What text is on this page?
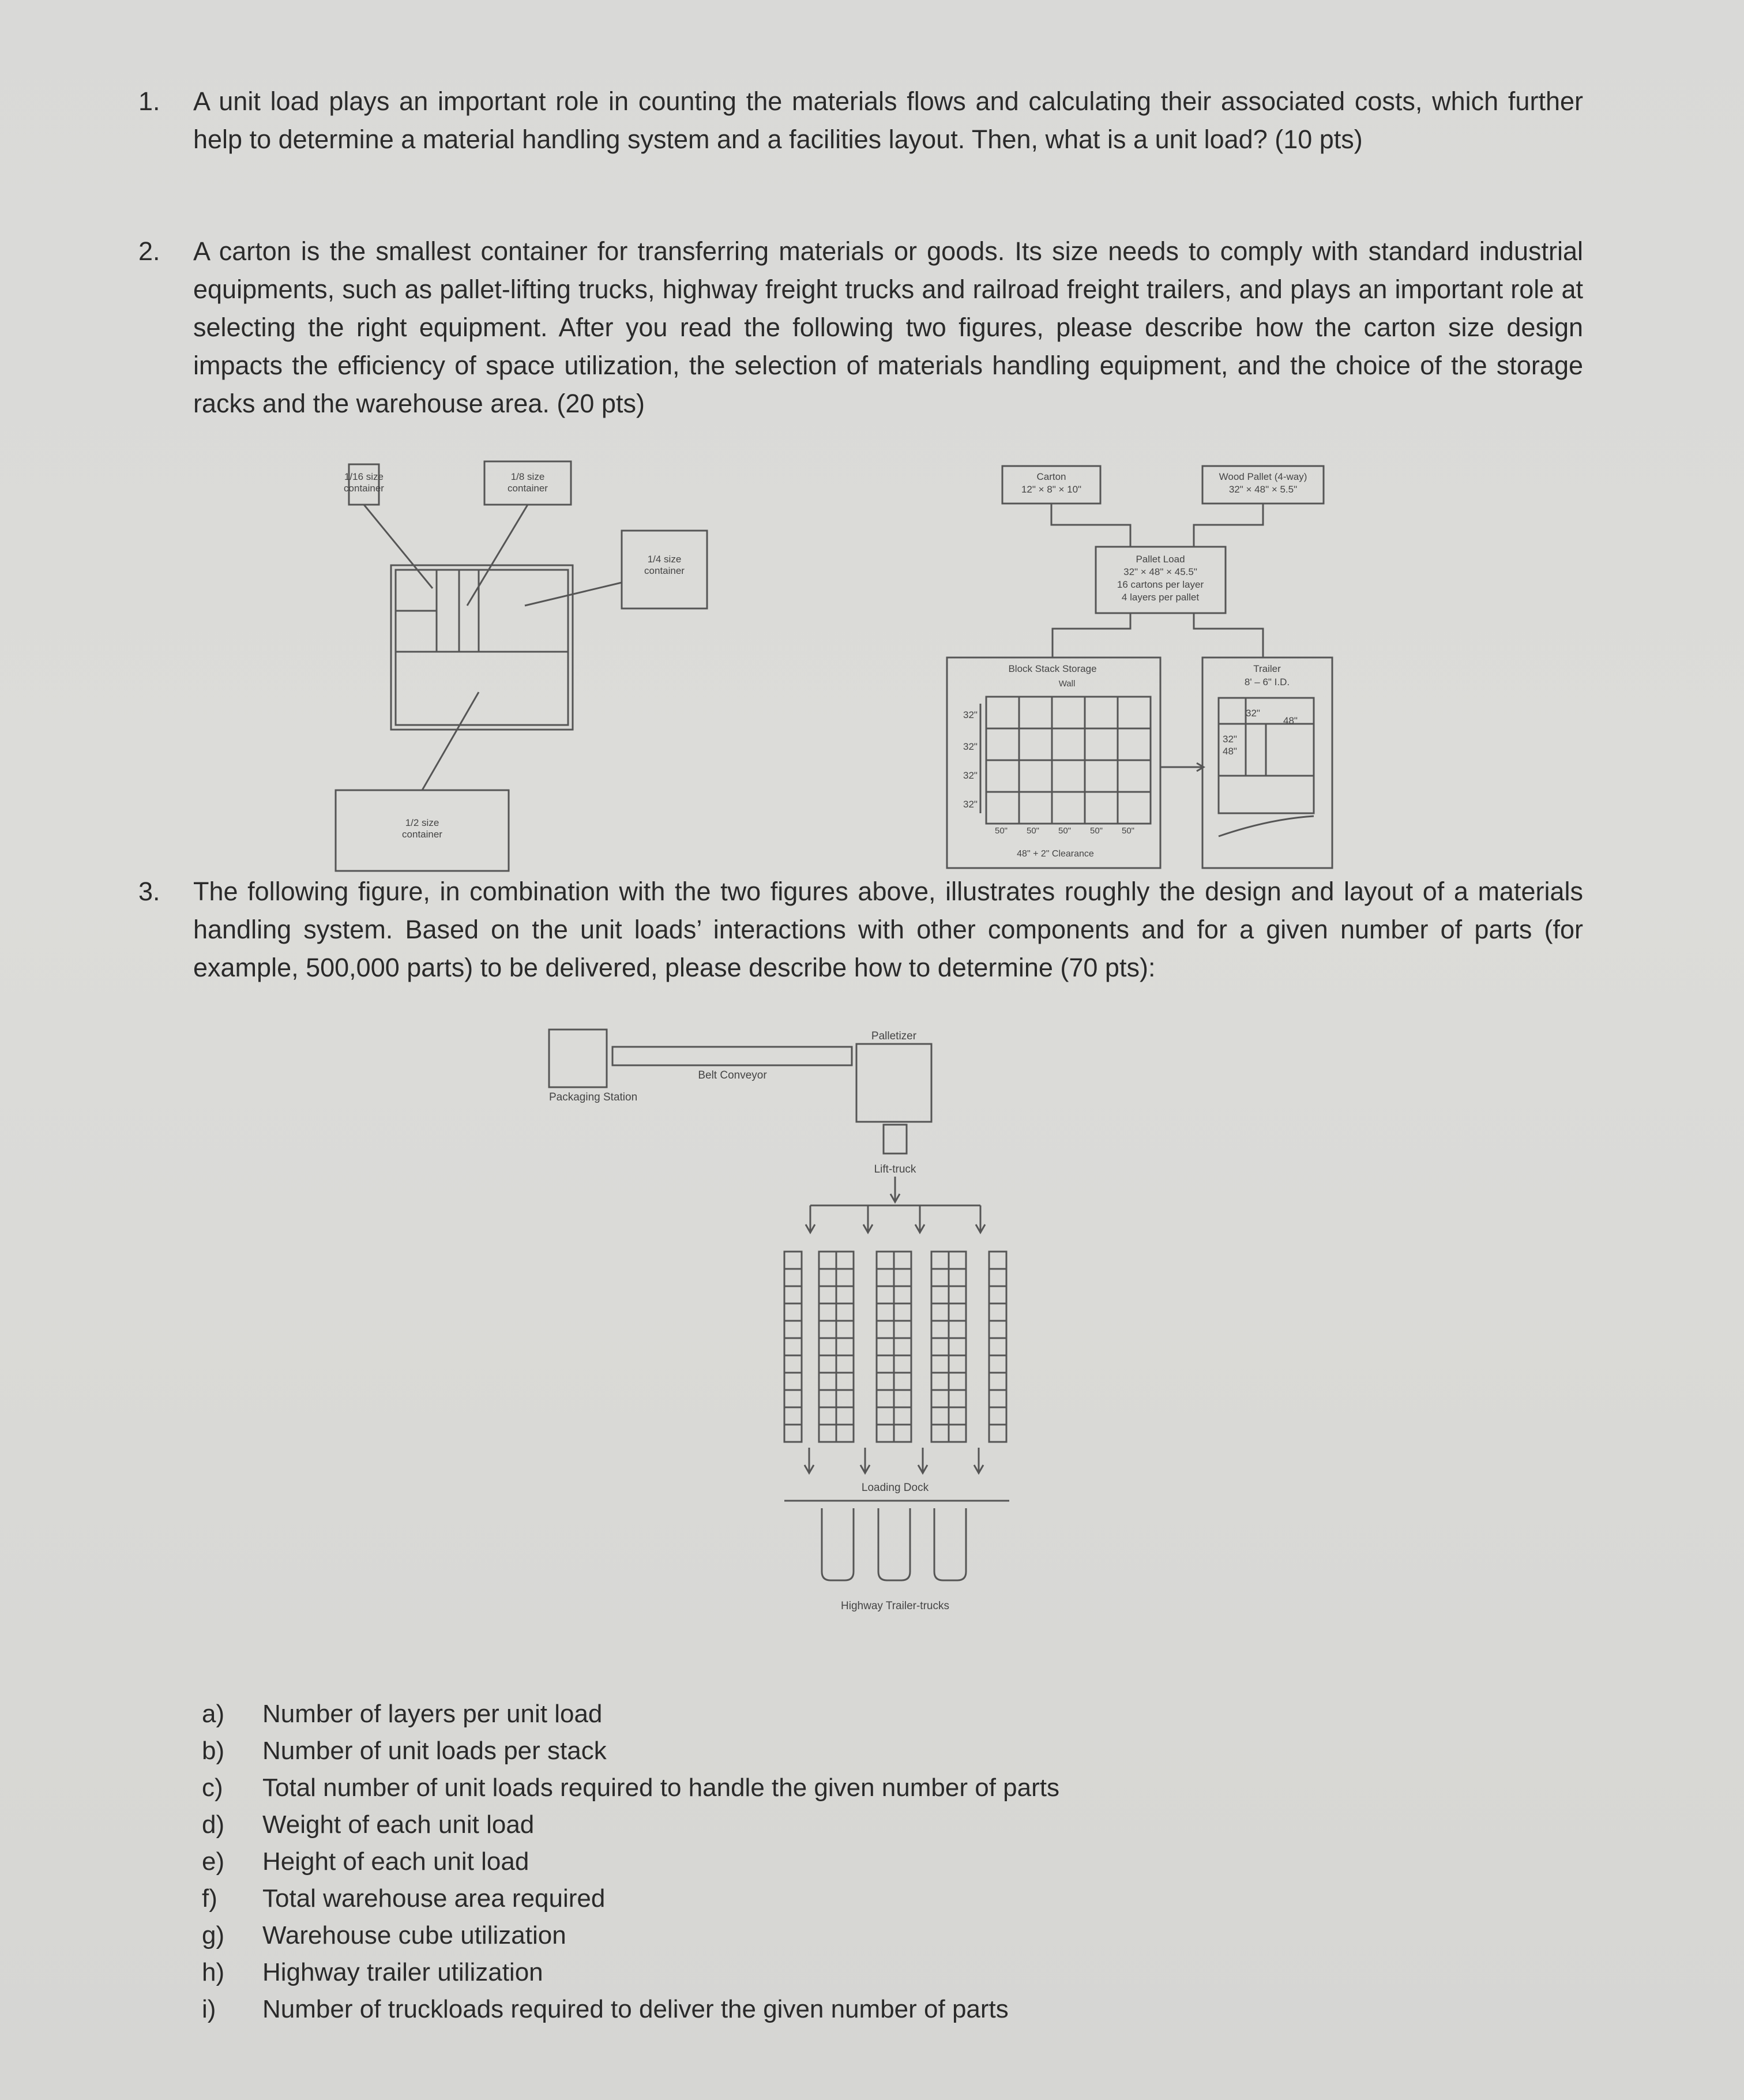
1. A unit load plays an important role in counting the materials flows and calculating their associated costs, which further help to determine a material handling system and a facilities layout. Then, what is a unit load? (10 pts)

2. A carton is the smallest container for transferring materials or goods. Its size needs to comply with standard industrial equipments, such as pallet-lifting trucks, highway freight trucks and railroad freight trailers, and plays an important role at selecting the right equipment. After you read the following two figures, please describe how the carton size design impacts the efficiency of space utilization, the selection of materials handling equipment, and the choice of the storage racks and the warehouse area. (20 pts)

1/16 size
container
1/8 size
container
1/4 size
container
1/2 size
container
Carton
12" × 8" × 10"
Wood Pallet (4-way)
32" × 48" × 5.5"
Pallet Load
32" × 48" × 45.5"
16 cartons per layer
4 layers per pallet
Block Stack Storage
Wall
32"
32"
32"
32"
50" 50" 50" 50" 50"
48" + 2" Clearance
Trailer
8' – 6" I.D.
32"
48"
32"
48"
3. The following figure, in combination with the two figures above, illustrates roughly the design and layout of a materials handling system. Based on the unit loads’ interactions with other components and for a given number of parts (for example, 500,000 parts) to be delivered, please describe how to determine (70 pts):

Packaging Station
Belt Conveyor
Palletizer
Lift-truck
Loading Dock
Highway Trailer-trucks
a)	Number of layers per unit load
b)	Number of unit loads per stack
c)	Total number of unit loads required to handle the given number of parts
d)	Weight of each unit load
e)	Height of each unit load
f)	Total warehouse area required
g)	Warehouse cube utilization
h)	Highway trailer utilization
i)	Number of truckloads required to deliver the given number of parts
